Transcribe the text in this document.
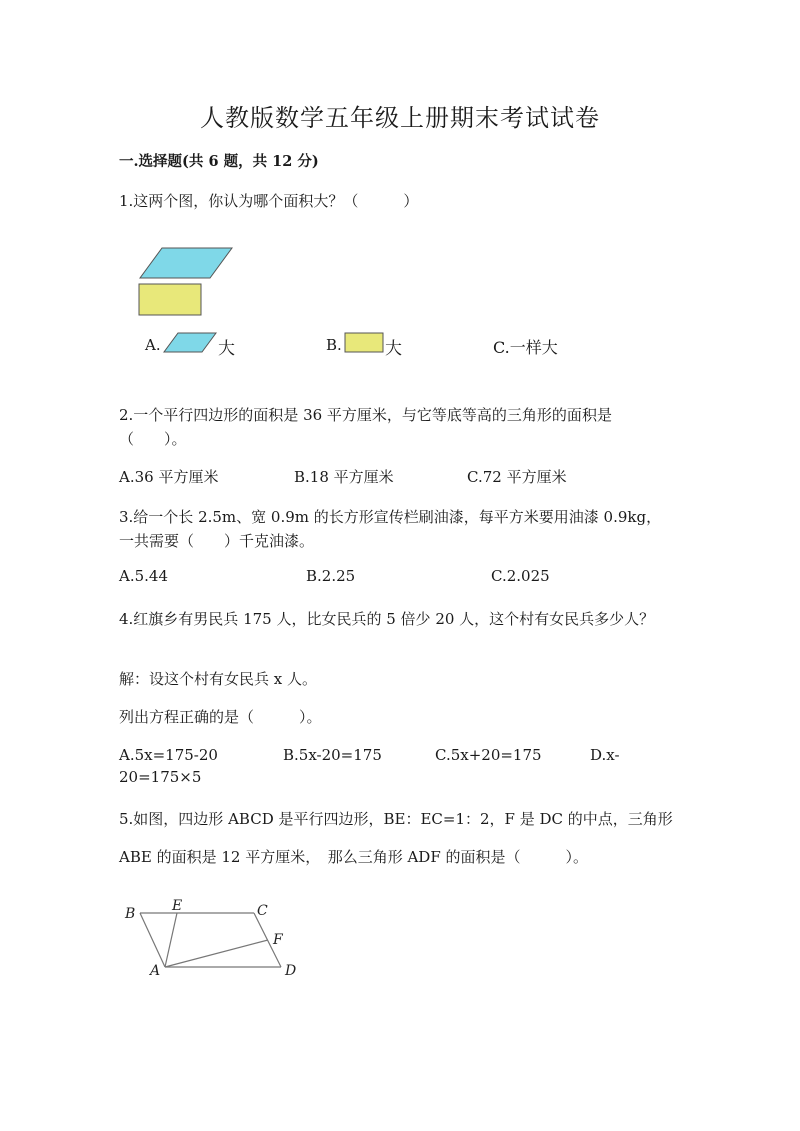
人教版数学五年级上册期末考试试卷
一.选择题(共 6 题，共 12 分)
1.这两个图，你认为哪个面积大？（　　　）
A.	大	B.	大	C.一样大
2.一个平行四边形的面积是 36 平方厘米，与它等底等高的三角形的面积是
（　　）。
A.36 平方厘米	B.18 平方厘米	C.72 平方厘米
3.给一个长 2.5m、宽 0.9m 的长方形宣传栏刷油漆，每平方米要用油漆 0.9kg，
一共需要（　　）千克油漆。
A.5.44	B.2.25	C.2.025
4.红旗乡有男民兵 175 人，比女民兵的 5 倍少 20 人，这个村有女民兵多少人？
解：设这个村有女民兵 x 人。
列出方程正确的是（　　　）。
A.5x=175-20	B.5x-20=175	C.5x+20=175	D.x-
20=175×5
5.如图，四边形 ABCD 是平行四边形，BE：EC=1：2，F 是 DC 的中点，三角形
ABE 的面积是 12 平方厘米，　那么三角形 ADF 的面积是（　　　）。
B	E	C
F
A	D
